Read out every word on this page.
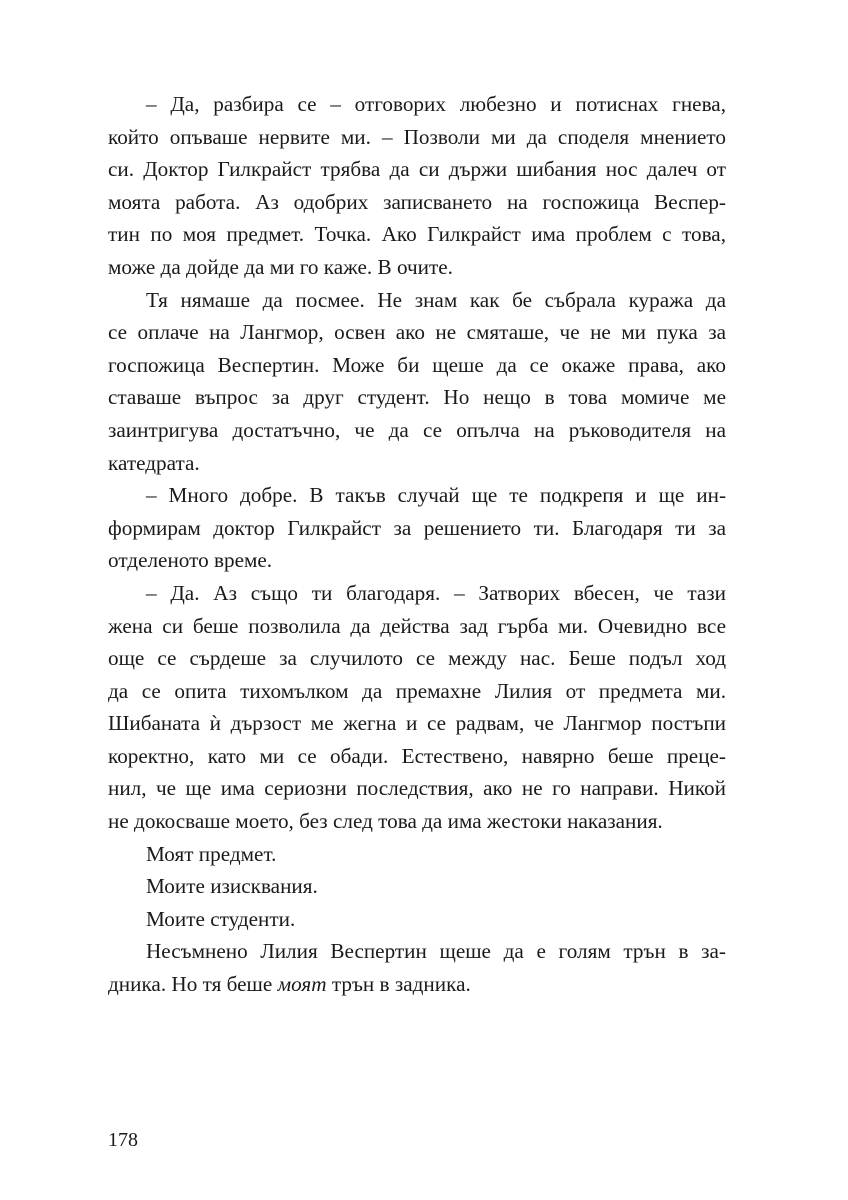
– Да, разбира се – отговорих любезно и потиснах гнева,
който опъваше нервите ми. – Позволи ми да споделя мнението
си. Доктор Гилкрайст трябва да си държи шибания нос далеч от
моята работа. Аз одобрих записването на госпожица Веспер-
тин по моя предмет. Точка. Ако Гилкрайст има проблем с това,
може да дойде да ми го каже. В очите.
Тя нямаше да посмее. Не знам как бе събрала куража да
се оплаче на Лангмор, освен ако не смяташе, че не ми пука за
госпожица Веспертин. Може би щеше да се окаже права, ако
ставаше въпрос за друг студент. Но нещо в това момиче ме
заинтригува достатъчно, че да се опълча на ръководителя на
катедрата.
– Много добре. В такъв случай ще те подкрепя и ще ин-
формирам доктор Гилкрайст за решението ти. Благодаря ти за
отделеното време.
– Да. Аз също ти благодаря. – Затворих вбесен, че тази
жена си беше позволила да действа зад гърба ми. Очевидно все
още се сърдеше за случилото се между нас. Беше подъл ход
да се опита тихомълком да премахне Лилия от предмета ми.
Шибаната ѝ дързост ме жегна и се радвам, че Лангмор постъпи
коректно, като ми се обади. Естествено, навярно беше прецe-
нил, че ще има сериозни последствия, ако не го направи. Никой
не докосваше моето, без след това да има жестоки наказания.

Моят предмет.

Моите изисквания.

Моите студенти.

Несъмнено Лилия Веспертин щеше да е голям трън в за-
дника. Но тя беше моят трън в задника.
178
